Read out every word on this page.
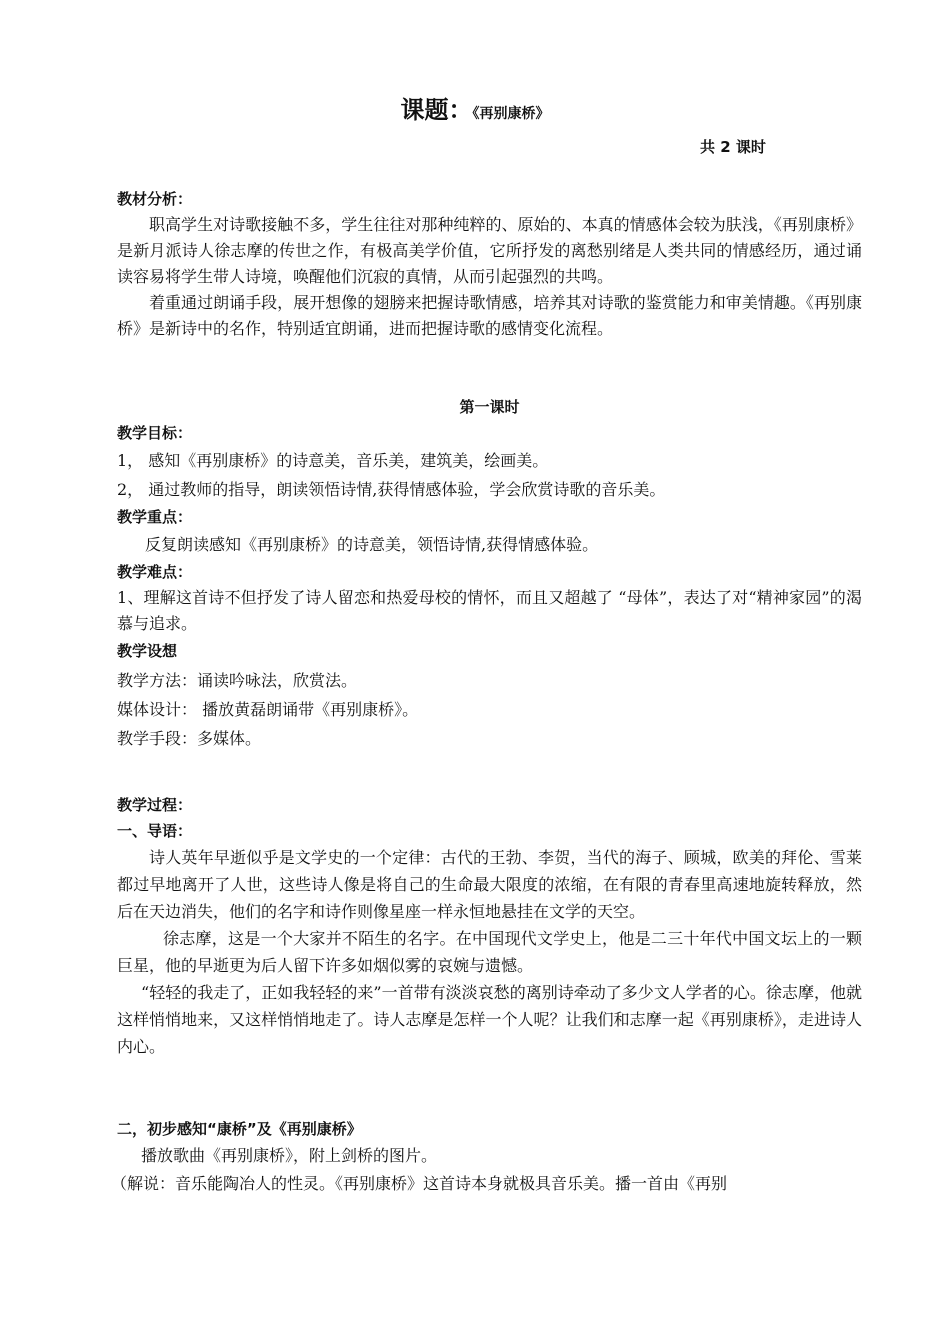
课题：《再别康桥》
共 2 课时
教材分析：
职高学生对诗歌接触不多，学生往往对那种纯粹的、原始的、本真的情感体会较为肤浅，《再别康桥》是新月派诗人徐志摩的传世之作，有极高美学价值，它所抒发的离愁别绪是人类共同的情感经历，通过诵读容易将学生带人诗境，唤醒他们沉寂的真情，从而引起强烈的共鸣。
着重通过朗诵手段，展开想像的翅膀来把握诗歌情感，培养其对诗歌的鉴赏能力和审美情趣。《再别康桥》是新诗中的名作，特别适宜朗诵，进而把握诗歌的感情变化流程。
第一课时
教学目标：
1， 感知《再别康桥》的诗意美，音乐美，建筑美，绘画美。
2， 通过教师的指导，朗读领悟诗情,获得情感体验，学会欣赏诗歌的音乐美。
教学重点：
反复朗读感知《再别康桥》的诗意美，领悟诗情,获得情感体验。
教学难点：
1、理解这首诗不但抒发了诗人留恋和热爱母校的情怀，而且又超越了 “母体”，表达了对“精神家园”的渴慕与追求。
教学设想
教学方法：诵读吟咏法，欣赏法。
媒体设计： 播放黄磊朗诵带《再别康桥》。
教学手段：多媒体。
教学过程：
一、导语：
诗人英年早逝似乎是文学史的一个定律：古代的王勃、李贺，当代的海子、顾城，欧美的拜伦、雪莱都过早地离开了人世，这些诗人像是将自己的生命最大限度的浓缩，在有限的青春里高速地旋转释放，然后在天边消失，他们的名字和诗作则像星座一样永恒地悬挂在文学的天空。
徐志摩，这是一个大家并不陌生的名字。在中国现代文学史上，他是二三十年代中国文坛上的一颗巨星，他的早逝更为后人留下许多如烟似雾的哀婉与遗憾。
“轻轻的我走了，正如我轻轻的来”一首带有淡淡哀愁的离别诗牵动了多少文人学者的心。徐志摩，他就这样悄悄地来，又这样悄悄地走了。诗人志摩是怎样一个人呢？让我们和志摩一起《再别康桥》，走进诗人内心。
二，初步感知“康桥”及《再别康桥》
播放歌曲《再别康桥》，附上剑桥的图片。
（解说：音乐能陶冶人的性灵。《再别康桥》这首诗本身就极具音乐美。播一首由《再别
